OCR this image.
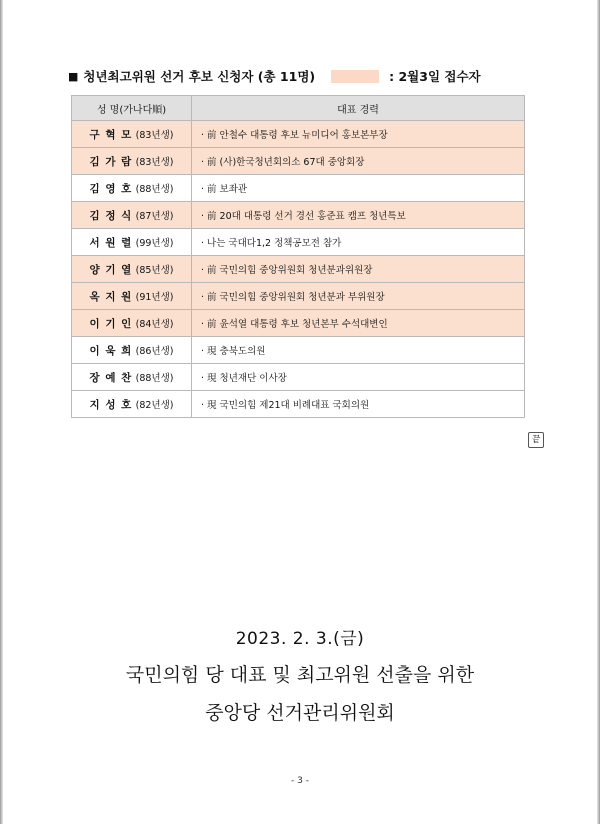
■ 청년최고위원 선거 후보 신청자 (총 11명)	: 2월3일 접수자
성 명(가나다順)	대표 경력
구 혁 모 (83년생)	· 前 안철수 대통령 후보 뉴미디어 홍보본부장
김 가 람 (83년생)	· 前 (사)한국청년회의소 67대 중앙회장
김 영 호 (88년생)	· 前 보좌관
김 정 식 (87년생)	· 前 20대 대통령 선거 경선 홍준표 캠프 청년특보
서 원 렬 (99년생)	· 나는 국대다1,2 정책공모전 참가
양 기 열 (85년생)	· 前 국민의힘 중앙위원회 청년분과위원장
옥 지 원 (91년생)	· 前 국민의힘 중앙위원회 청년분과 부위원장
이 기 인 (84년생)	· 前 윤석열 대통령 후보 청년본부 수석대변인
이 욱 희 (86년생)	· 現 충북도의원
장 예 찬 (88년생)	· 現 청년재단 이사장
지 성 호 (82년생)	· 現 국민의힘 제21대 비례대표 국회의원
끝
2023. 2. 3.(금)
국민의힘 당 대표 및 최고위원 선출을 위한
중앙당 선거관리위원회
- 3 -
